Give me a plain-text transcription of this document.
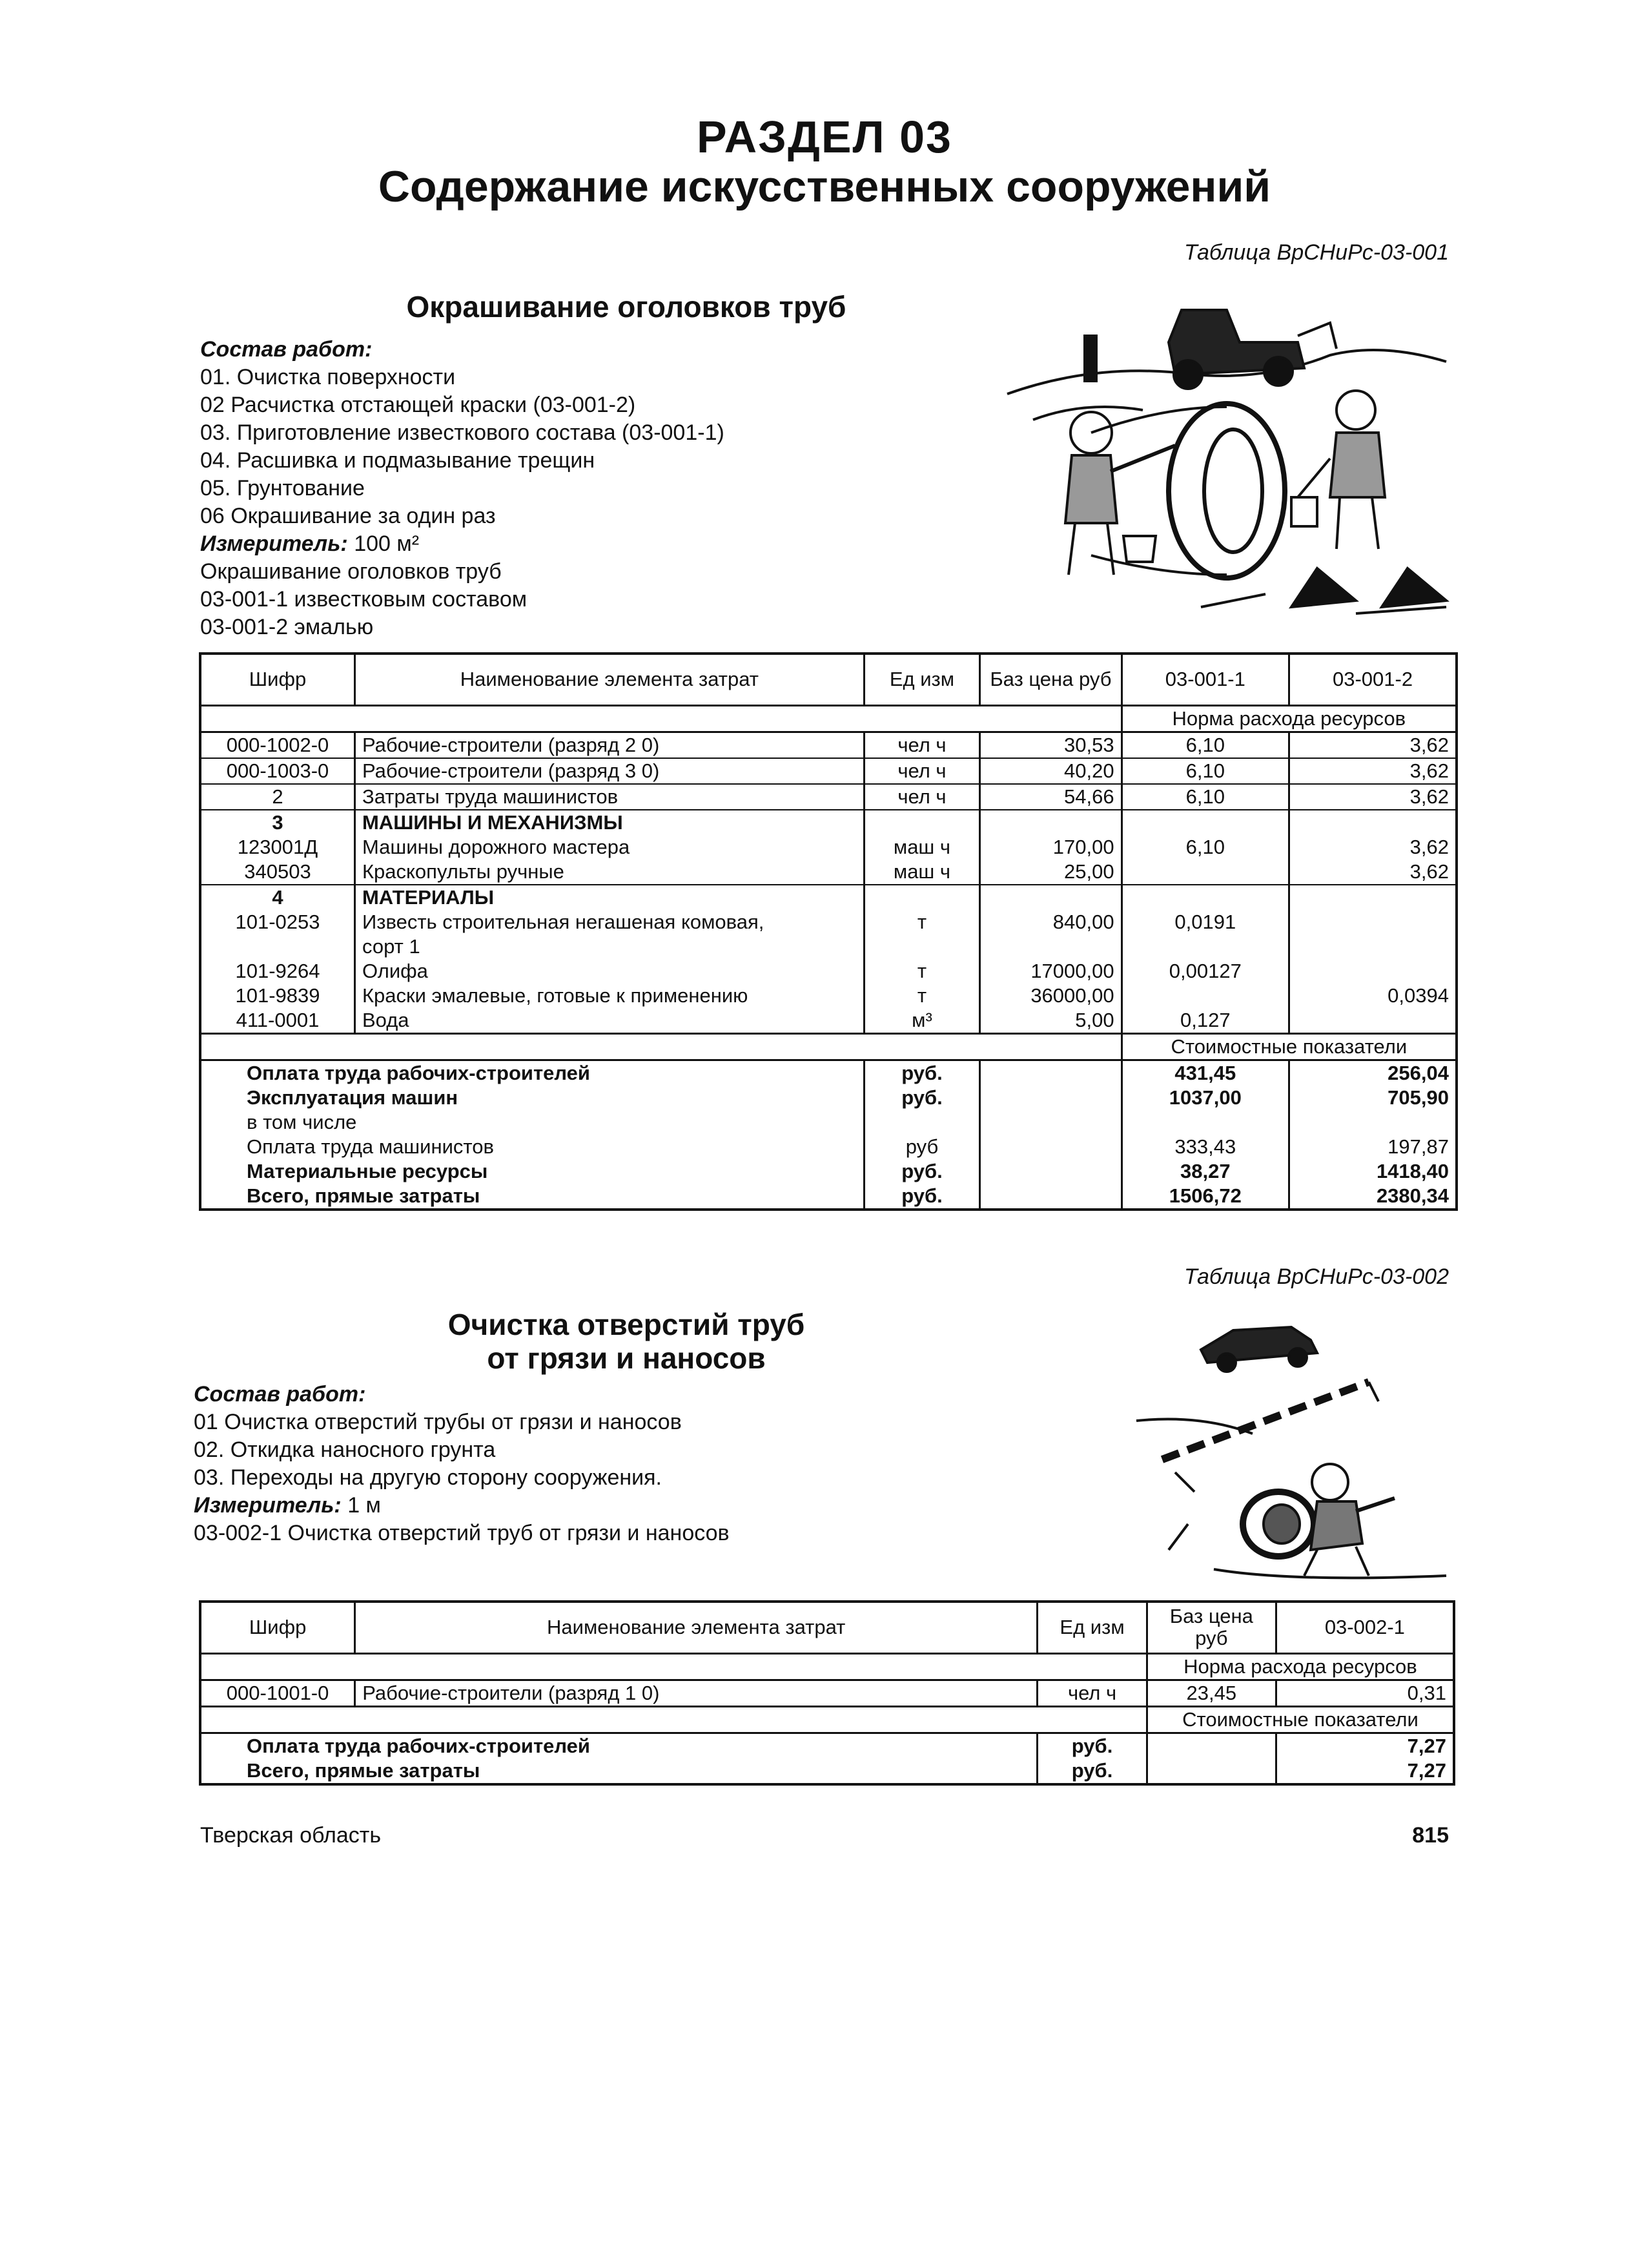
РАЗДЕЛ 03
Содержание искусственных сооружений
Таблица ВрСНиРс-03-001
Окрашивание оголовков труб
Состав работ:
01. Очистка поверхности
02 Расчистка отстающей краски (03-001-2)
03. Приготовление известкового состава (03-001-1)
04. Расшивка и подмазывание трещин
05. Грунтование
06 Окрашивание за один раз
Измеритель: 100 м²
Окрашивание оголовков труб
03-001-1 известковым составом
03-001-2 эмалью
Шифр	Наименование элемента затрат	Ед изм	Баз цена руб	03-001-1	03-001-2
				Норма расхода ресурсов	
000-1002-0	Рабочие-строители (разряд 2 0)	чел ч	30,53	6,10	3,62
000-1003-0	Рабочие-строители (разряд 3 0)	чел ч	40,20	6,10	3,62
2	Затраты труда машинистов	чел ч	54,66	6,10	3,62
3	МАШИНЫ И МЕХАНИЗМЫ				
123001Д	Машины дорожного мастера	маш ч	170,00	6,10	3,62
340503	Краскопульты ручные	маш ч	25,00		3,62
4	МАТЕРИАЛЫ				
101-0253	Известь строительная негашеная комовая,
сорт 1	т	840,00	0,0191	
101-9264	Олифа	т	17000,00	0,00127	
101-9839	Краски эмалевые, готовые к применению	т	36000,00		0,0394
411-0001	Вода	м³	5,00	0,127	
				Стоимостные показатели	
Оплата труда рабочих-строителей		руб.		431,45	256,04
Эксплуатация машин		руб.		1037,00	705,90
в том числе					
Оплата труда машинистов		руб		333,43	197,87
Материальные ресурсы		руб.		38,27	1418,40
Всего, прямые затраты		руб.		1506,72	2380,34
Таблица ВрСНиРс-03-002
Очистка отверстий труб
от грязи и наносов
Состав работ:
01 Очистка отверстий трубы от грязи и наносов
02. Откидка наносного грунта
03. Переходы на другую сторону сооружения.
Измеритель: 1 м
03-002-1 Очистка отверстий труб от грязи и наносов
Шифр	Наименование элемента затрат	Ед изм	Баз цена руб	03-002-1
			Норма расхода ресурсов	
000-1001-0	Рабочие-строители (разряд 1 0)	чел ч	23,45	0,31
			Стоимостные показатели	
Оплата труда рабочих-строителей		руб.		7,27
Всего, прямые затраты		руб.		7,27
Тверская область	815
